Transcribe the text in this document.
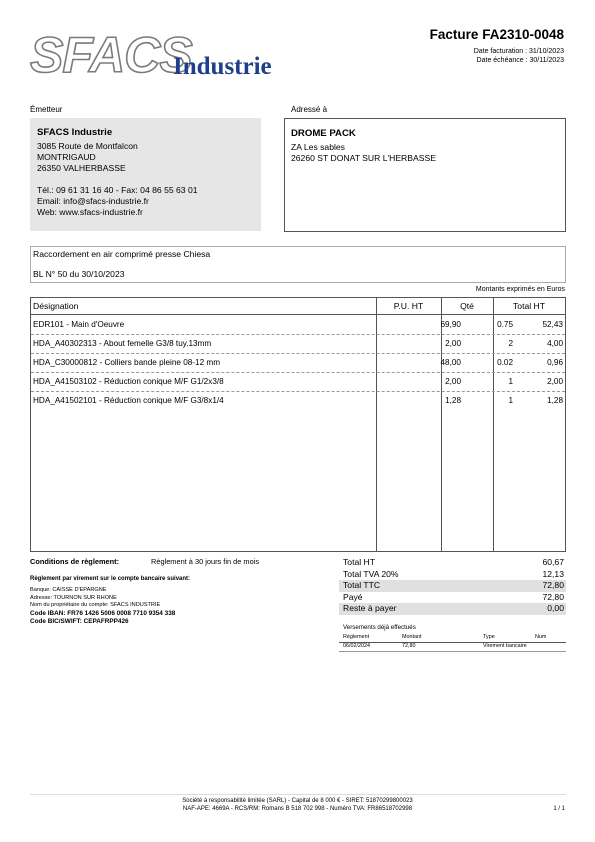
SFACS
Industrie
Facture FA2310-0048
Date facturation : 31/10/2023
Date échéance : 30/11/2023
Émetteur
SFACS Industrie
3085 Route de Montfalcon
MONTRIGAUD
26350 VALHERBASSE
Tél.: 09 61 31 16 40 - Fax: 04 86 55 63 01
Email: info@sfacs-industrie.fr
Web: www.sfacs-industrie.fr
Adressé à
DROME PACK
ZA Les sables
26260 ST DONAT SUR L'HERBASSE
Raccordement en air comprimé presse Chiesa
BL N° 50 du 30/10/2023
Montants exprimés en Euros
Désignation	P.U. HT	Qté	Total HT
EDR101 - Main d'Oeuvre	69,90	0.75	52,43
HDA_A40302313 - About femelle G3/8 tuy.13mm	2,00	2	4,00
HDA_C30000812 - Colliers bande pleine 08-12 mm	48,00	0.02	0,96
HDA_A41503102 - Réduction conique M/F G1/2x3/8	2,00	1	2,00
HDA_A41502101 - Réduction conique M/F G3/8x1/4	1,28	1	1,28
Conditions de règlement:	Règlement à 30 jours fin de mois
Règlement par virement sur le compte bancaire suivant:
Banque: CAISSE D'EPARGNE
Adresse: TOURNON SUR RHONE
Nom du propriétaire du compte: SFACS INDUSTRIE
Code IBAN: FR76 1426 5006 0008 7710 9354 338
Code BIC/SWIFT: CEPAFRPP426
Total HT	60,67
Total TVA 20%	12,13
Total TTC	72,80
Payé	72,80
Reste à payer	0,00
Versements déjà effectués
Règlement	Montant	Type	Num
06/02/2024	72,80	Virement bancaire
Société à responsabilité limitée (SARL) - Capital de 8 000 € - SIRET: 51870299800023
NAF-APE: 4669A - RCS/RM: Romans B 518 702 998 - Numéro TVA: FR86518702998	1 / 1
